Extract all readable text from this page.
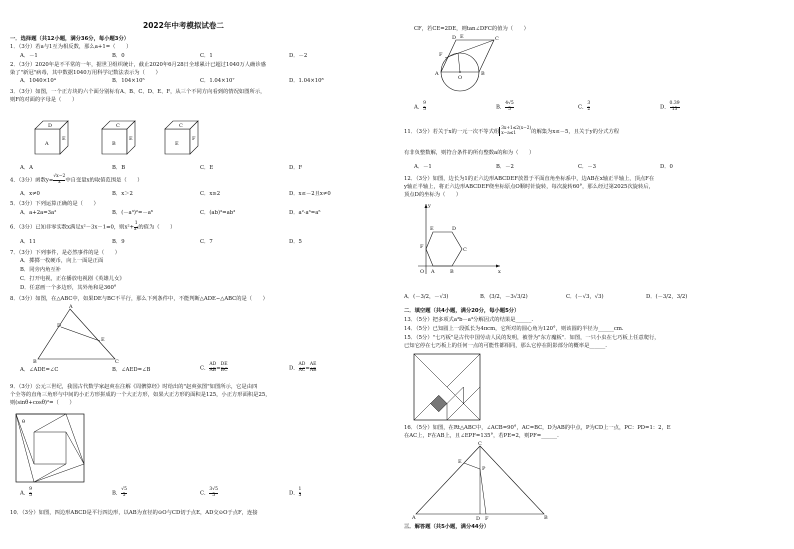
2022年中考模拟试卷二
一．选择题（共12小题，满分36分，每小题3分）
1．（3分）若a与1互为相反数，那么a+1=（　　）
A．－1	B．0	C．1	D．－2
2．（3分）2020年是不平常的一年，据世卫组织统计，截止2020年6月28日全球累计已超过1040万人确诊感
染了"新冠"病毒，其中数据1040万用科学记数法表示为（　　）
A．1040×10⁴	B．104×10⁵	C．1.04×10⁷	D．1.04×10⁸
3．（3分）如图，一个正方块的六个面分别标有A、B、C、D、E、F，从三个不同方向看到的情况如图所示，
则F的对面的字母是（　　）
D
A
E
C
B
E
C
E
F
A．A	B．B	C．E	D．F
4．（3分）函数$y= \frac{√x-2}{x}$ 中自变量x的取值范围是（　　）
A．x≠0	B．x＞2	C．x≥2	D．x≤－2且x≠0
5．（3分）下列运算正确的是（　　）
A．a+2a=3a²	B．(－a³)²=－a⁶	C．(ab)³=ab³	D．a²·a³=a⁵
6．（3分）已知非零实数x满足x²－3x－1=0，则$x^2+ \frac{1}{\text{x²}}$ 的值为（　　）
A．11	B．9	C．7	D．5
7．（3分）下列事件，是必然事件的是（　　）
A．掷掷一枚硬币，向上一面是正面
B．同旁内角互补
C．打开电视，正在播放电视剧《英雄儿女》
D．任意画一个多边形，其外角和是360°
8．（3分）如图，在△ABC中，如果DE与BC不平行，那么下列条件中，不能判断△ADE∽△ABC的是（　　）
A
D
E
B	C
A．∠ADE=∠C	B．∠AED=∠B	C． $\frac{AD}{AB} = \frac{DE}{BC}$	D． $\frac{AD}{AC} = \frac{AE}{AB}$
9．（3分）公元三世纪，我国古代数学家赵爽在注解《周髀算经》时给出的"赵爽弦图"如图所示，它是由四
个全等的直角三角形与中间的小正方形拼成的一个大正方形，如果大正方形的面积是125，小正方形面积是25，
则(sinθ+cosθ)²=（　　）
θ
A． $\frac{9}{5}$	B． $\frac{√5}{5}$	C． $\frac{3√5}{5}$	D． $\frac{1}{5}$
10．（3分）如图，四边形ABCD是平行四边形，以AB为直径的⊙O与CD切于点E，AD交⊙O于点F，连接
CF，若CE=2DE，则tan∠DFC的值为（　　）
D E	C
F
A
O
B
A． $\frac{9}{5}$	B． $\frac{4√5}{5}$	C． $\frac{3}{2}$	D． $\frac{0.39}{13}$
11．（3分）若关于x的一元一次不等式组
3x+1≤2(x−2)
x−a≤1	的解集为x≤－5，且关于y的分式方程
有非负整数解，则符合条件的所有整数a的和为（　　）
A．－1	B．－2	C．－3	D．0
12．（3分）如图，边长为1的正六边形ABCDEF放置于平面直角坐标系中，边AB在x轴正半轴上，顶点F在
y轴正半轴上，将正六边形ABCDEF绕坐标原点O顺时针旋转，每次旋转60°，那么经过第2025次旋转后，
顶点D的坐标为（　　）
y
E	D
F	C
O A	B	x
A．(－3/2，－√3)	B．(3/2，－3√3/2)	C．(－√3，√3)	D．(－3/2，3/2)
二．填空题（共4小题，满分20分，每小题5分）
13．（5分）把多项式a³b－a³分解因式的结果是______.
14．（5分）已知圆上一段弧长为4πcm，它所对的圆心角为120°，则该圆的半径为______cm.
15．（5分）"七巧板"是古代中国劳动人民的发明，被誉为"东方魔板"．如图，一只小虫在七巧板上任意爬行，
已知它停在七巧板上的任何一点的可能性都相同，那么它停在阴影部分的概率是______.
16．（5分）如图，在Rt△ABC中，∠ACB=90°，AC=BC，D为AB的中点，P为CD上一点，PC：PD=1：2，E
在AC上，F在AB上，且∠EPF=135°，若PE=2，则PF=______.
C
E
P
A	D F	B
三．解答题（共5小题，满分44分）
